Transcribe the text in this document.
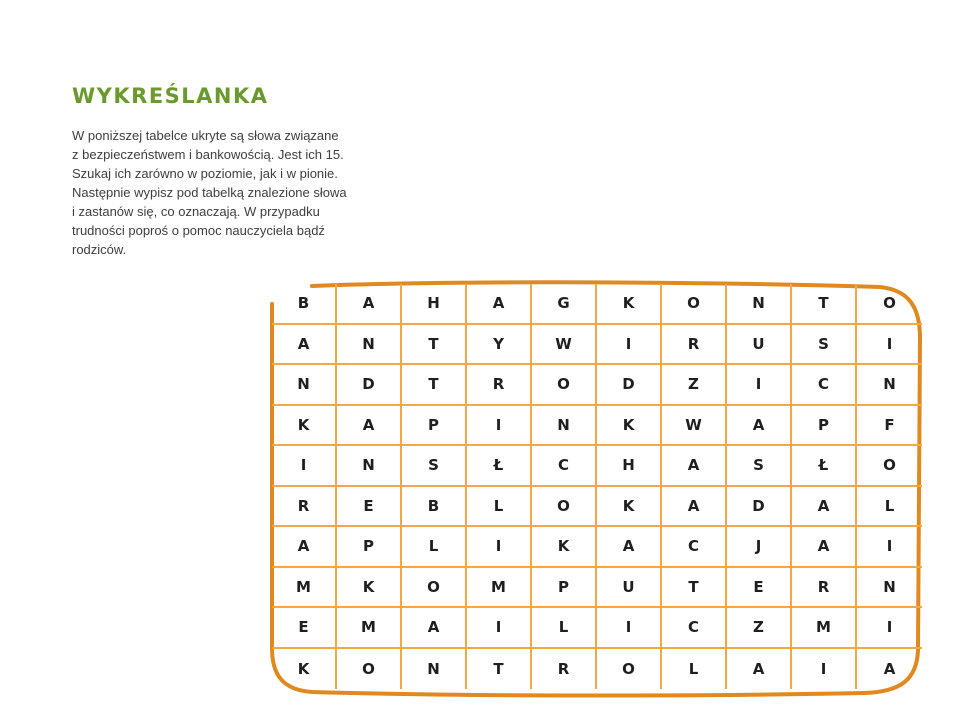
WYKREŚLANKA
W poniższej tabelce ukryte są słowa związane
z bezpieczeństwem i bankowością. Jest ich 15.
Szukaj ich zarówno w poziomie, jak i w pionie.
Następnie wypisz pod tabelką znalezione słowa
i zastanów się, co oznaczają. W przypadku
trudności poproś o pomoc nauczyciela bądź
rodziców.
B	A	H	A	G	K	O	N	T	O
A	N	T	Y	W	I	R	U	S	I
N	D	T	R	O	D	Z	I	C	N
K	A	P	I	N	K	W	A	P	F
I	N	S	Ł	C	H	A	S	Ł	O
R	E	B	L	O	K	A	D	A	L
A	P	L	I	K	A	C	J	A	I
M	K	O	M	P	U	T	E	R	N
E	M	A	I	L	I	C	Z	M	I
K	O	N	T	R	O	L	A	I	A
